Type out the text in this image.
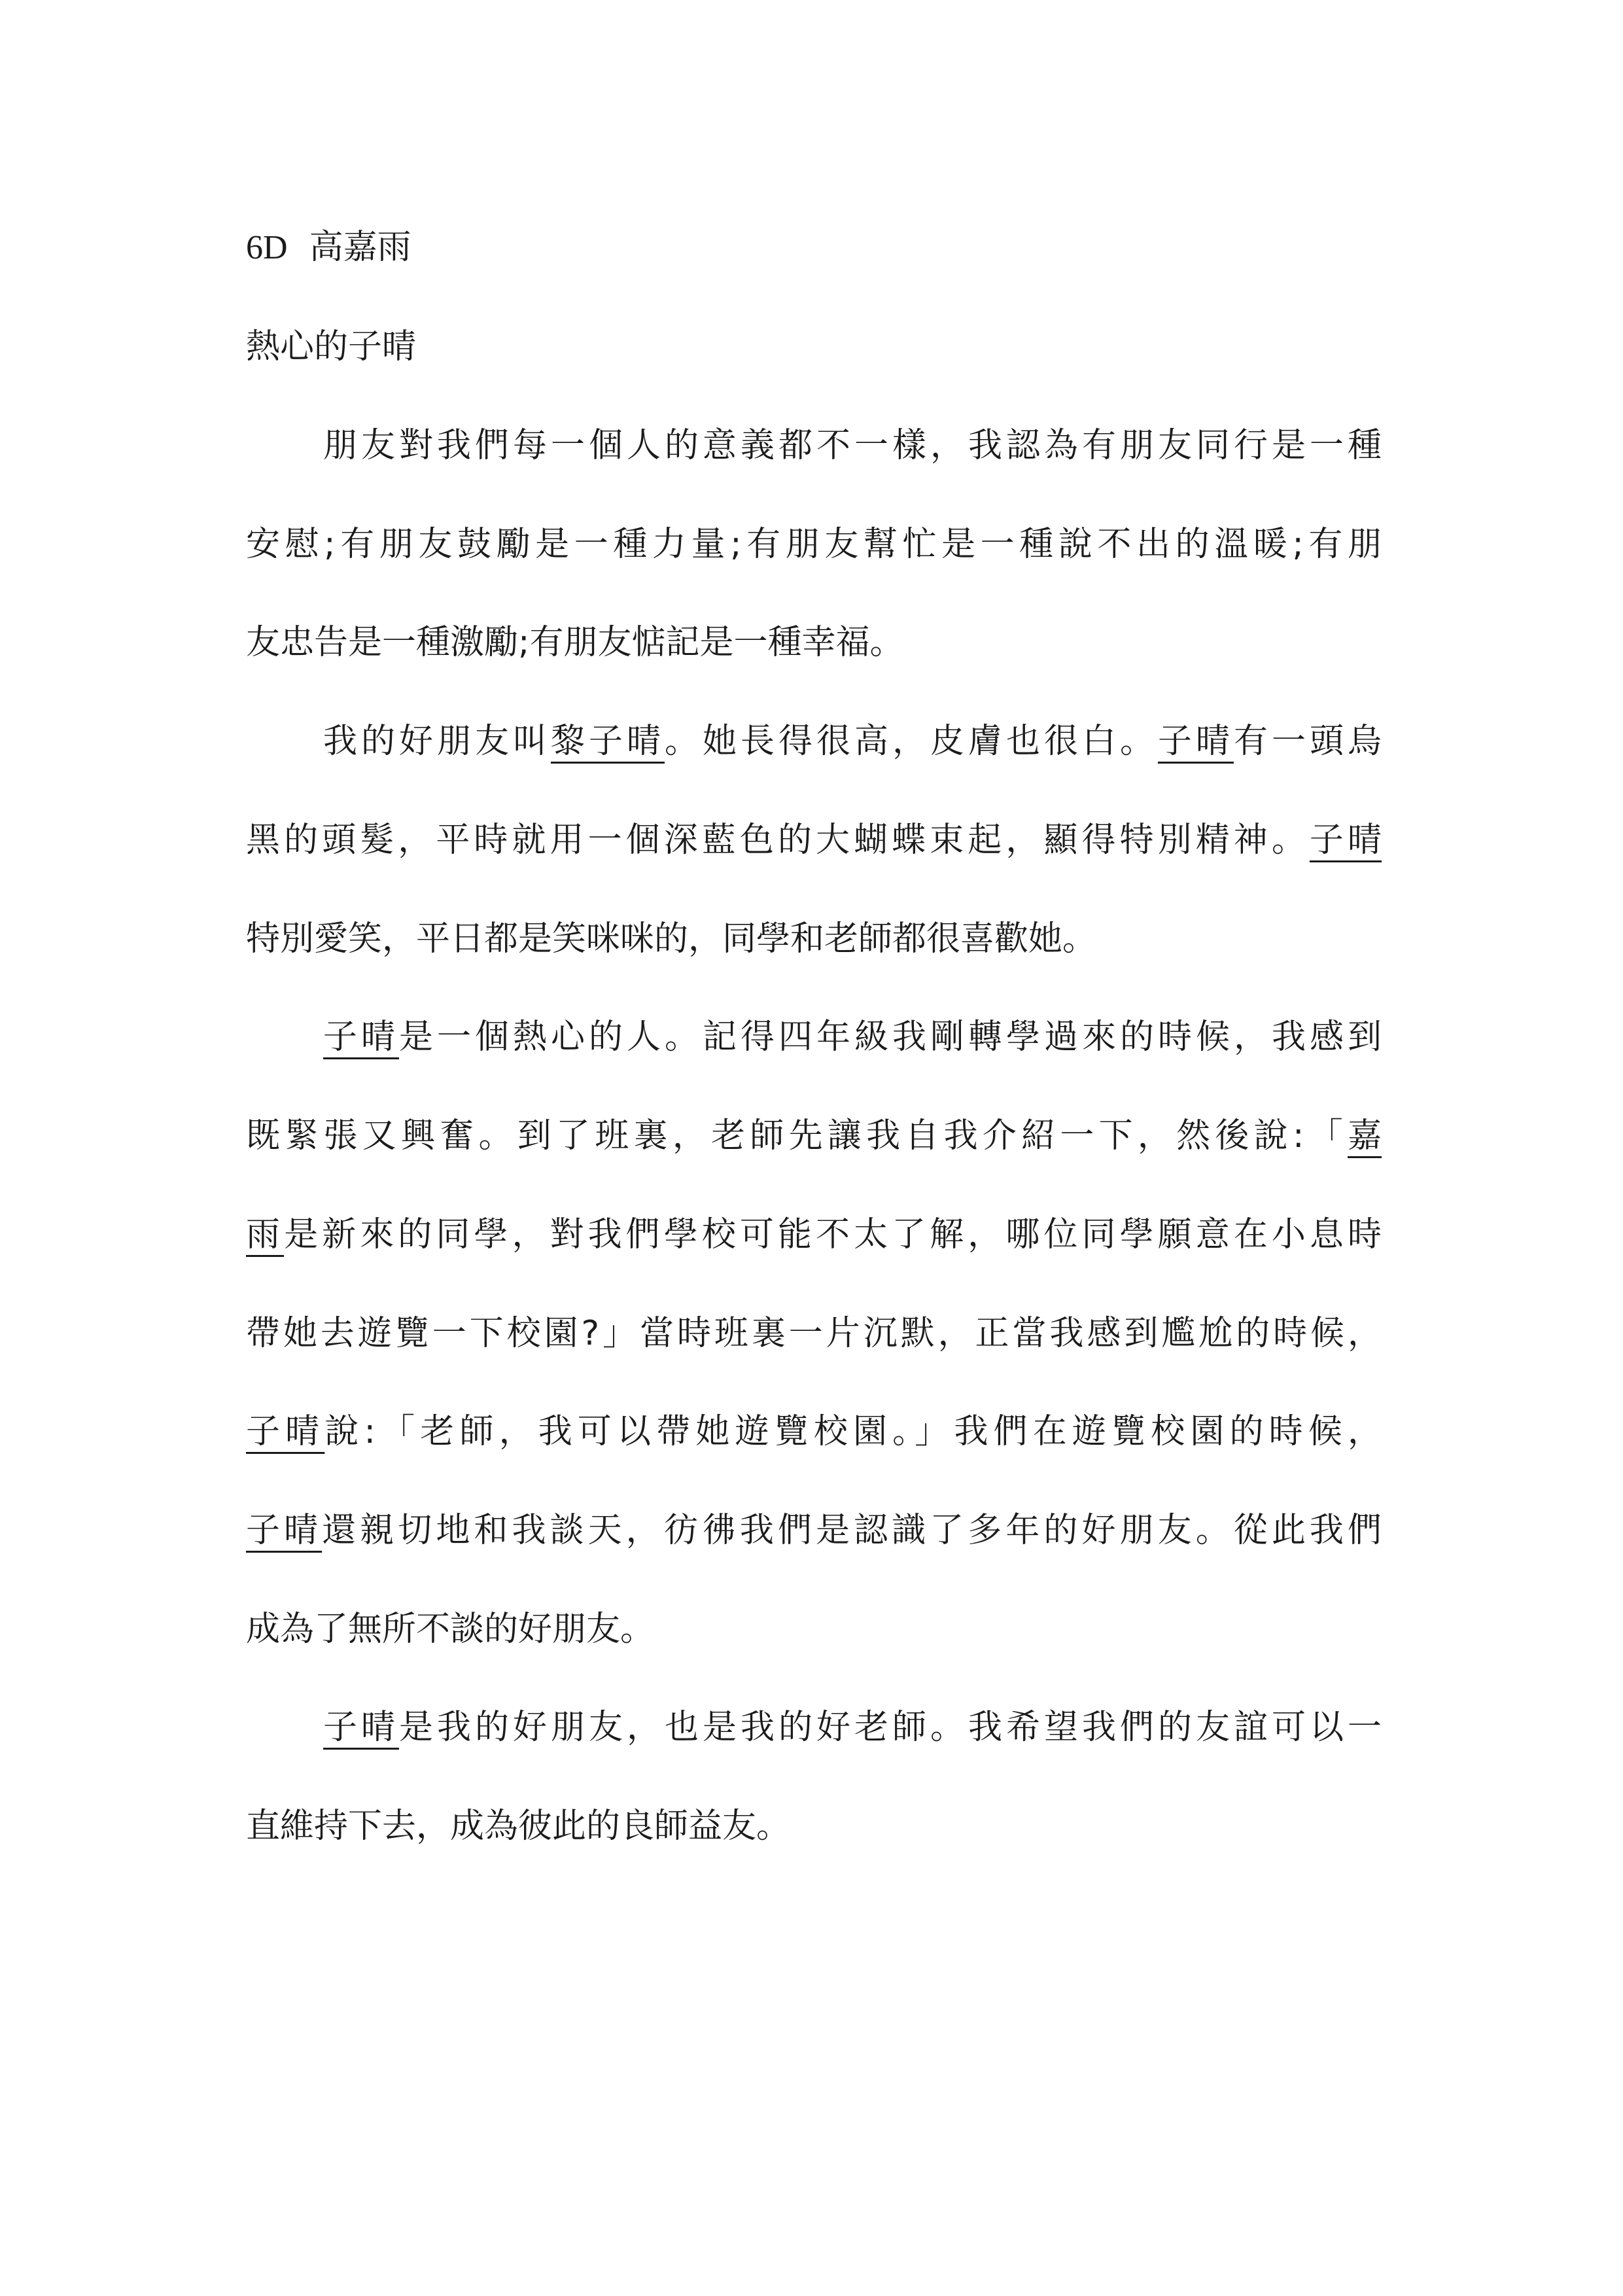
6D 高嘉雨
熱心的子晴
朋友對我們每一個人的意義都不一樣，我認為有朋友同行是一種
安慰;有朋友鼓勵是一種力量;有朋友幫忙是一種說不出的溫暖;有朋
友忠告是一種激勵;有朋友惦記是一種幸福。
我的好朋友叫黎子晴。她長得很高，皮膚也很白。子晴有一頭烏
黑的頭髮，平時就用一個深藍色的大蝴蝶束起，顯得特別精神。子晴
特別愛笑，平日都是笑咪咪的，同學和老師都很喜歡她。
子晴是一個熱心的人。記得四年級我剛轉學過來的時候，我感到
既緊張又興奮。到了班裏，老師先讓我自我介紹一下，然後說:「嘉
雨是新來的同學，對我們學校可能不太了解，哪位同學願意在小息時
帶她去遊覽一下校園?」當時班裏一片沉默，正當我感到尷尬的時候，
子晴說:「老師，我可以帶她遊覽校園。」我們在遊覽校園的時候，
子晴還親切地和我談天，彷彿我們是認識了多年的好朋友。從此我們
成為了無所不談的好朋友。
子晴是我的好朋友，也是我的好老師。我希望我們的友誼可以一
直維持下去，成為彼此的良師益友。
